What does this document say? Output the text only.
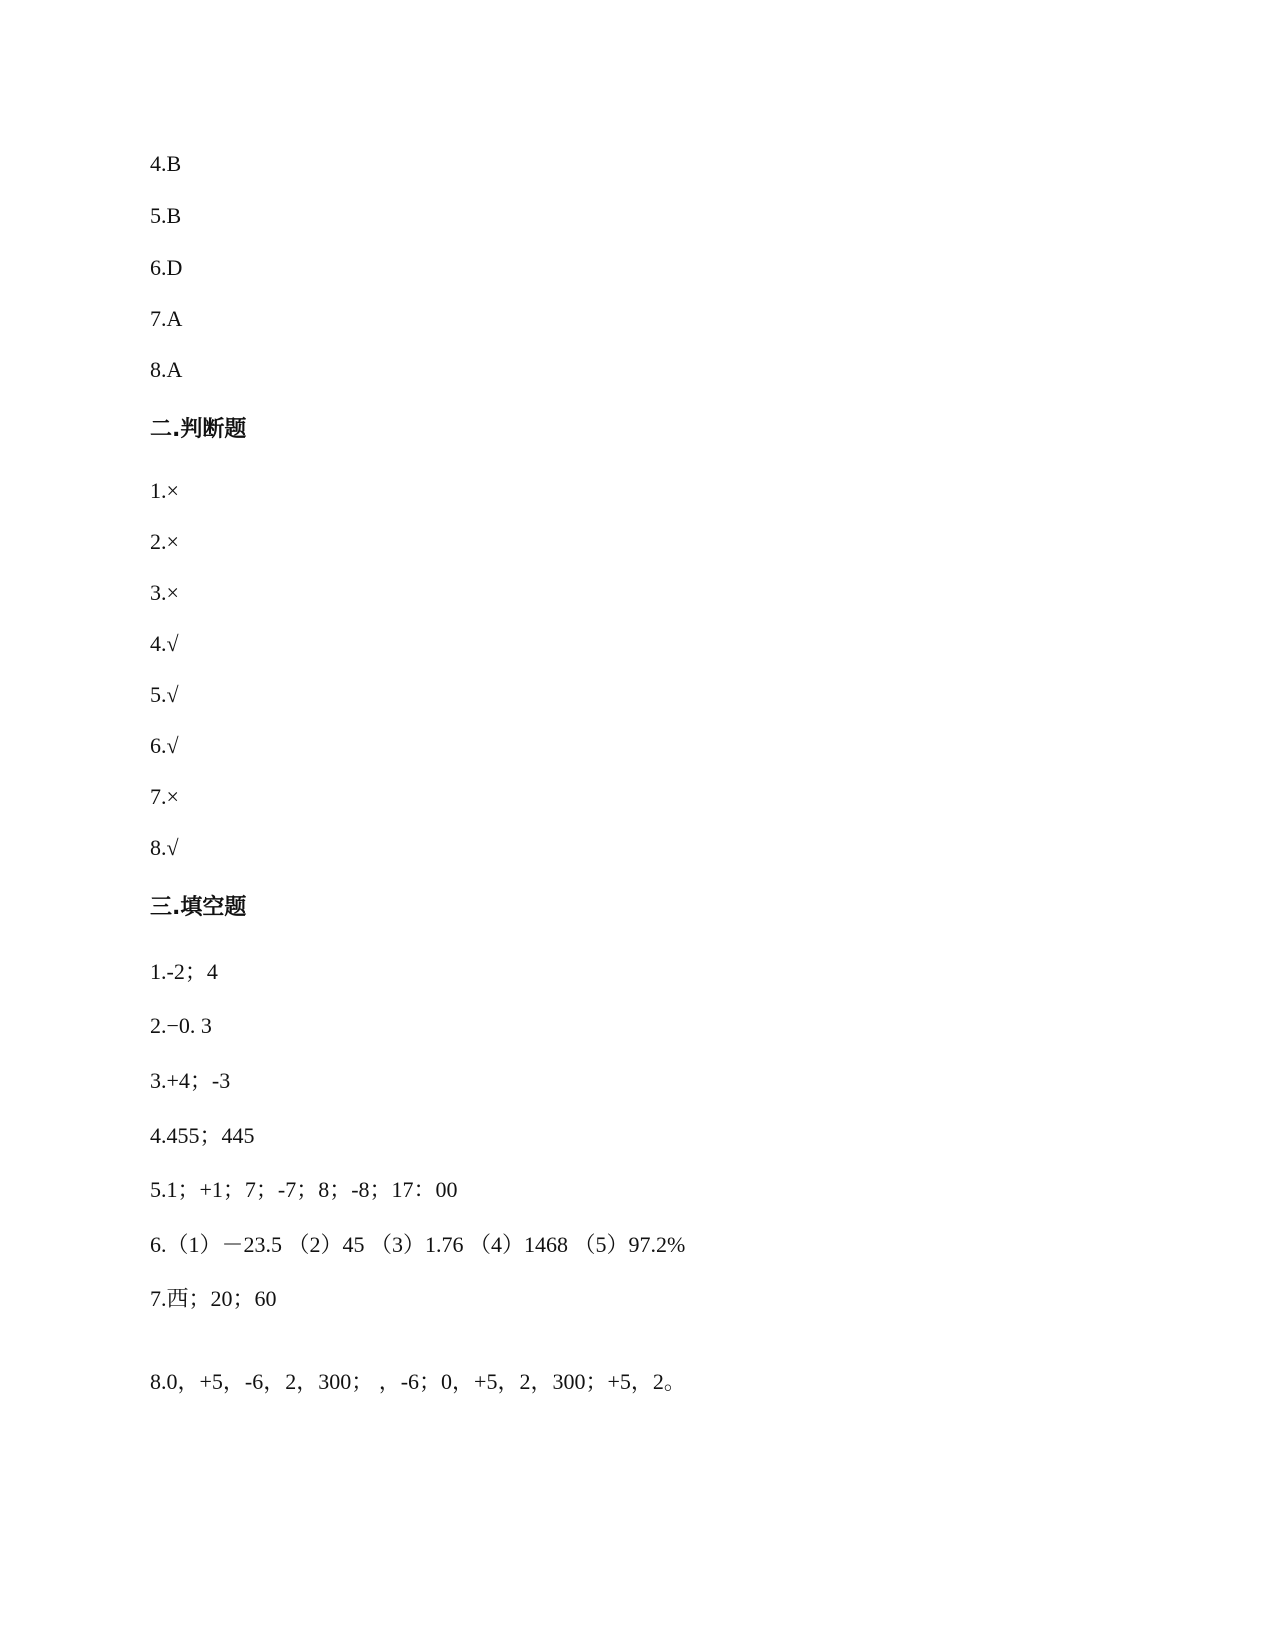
4.B
5.B
6.D
7.A
8.A
二.判断题
1.×
2.×
3.×
4.√
5.√
6.√
7.×
8.√
三.填空题
1.-2；4
2.−0. 3
3.+4；-3
4.455；445
5.1；+1；7；-7；8；-8；17：00
6.（1）－23.5 （2）45 （3）1.76 （4）1468 （5）97.2%
7.西；20；60
8.0，+5，-6，2，300； ，-6；0，+5，2，300；+5，2。
